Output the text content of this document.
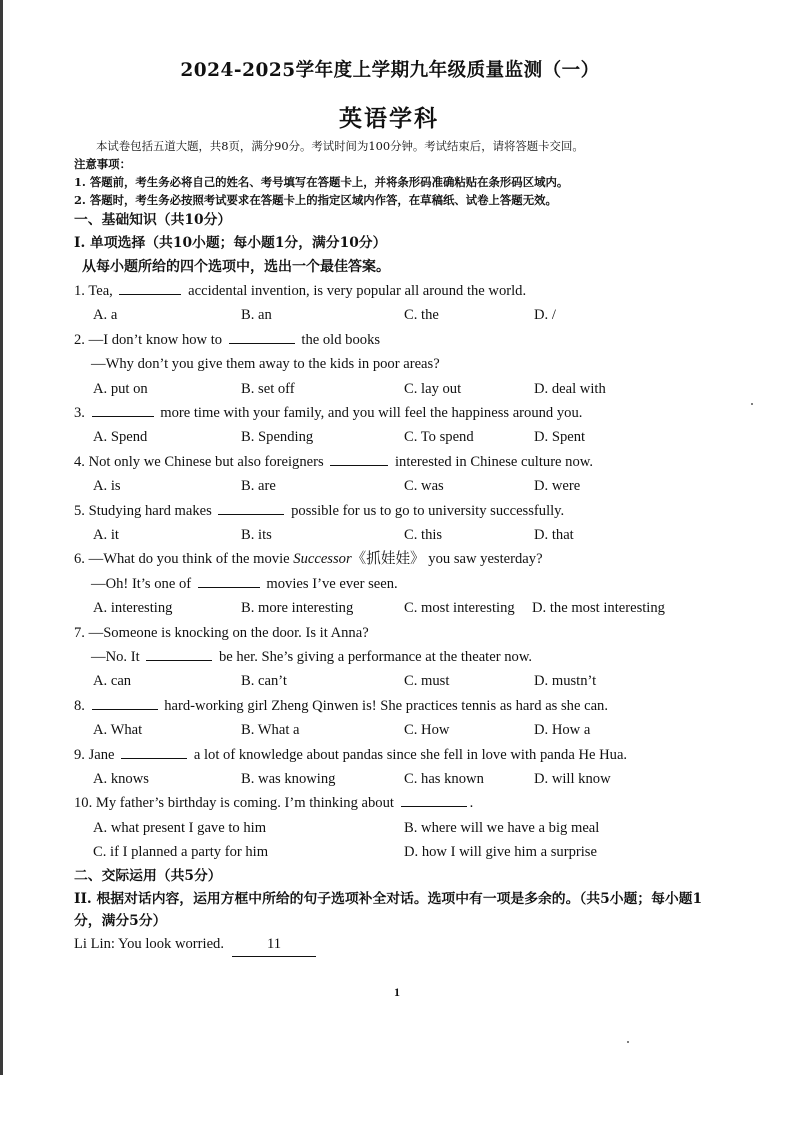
2024-2025学年度上学期九年级质量监测（一）
英语学科
本试卷包括五道大题，共8页，满分90分。考试时间为100分钟。考试结束后，请将答题卡交回。
注意事项：
1. 答题前，考生务必将自己的姓名、考号填写在答题卡上，并将条形码准确粘贴在条形码区域内。
2. 答题时，考生务必按照考试要求在答题卡上的指定区域内作答，在草稿纸、试卷上答题无效。
一、基础知识（共10分）
I. 单项选择（共10小题；每小题1分，满分10分）
从每小题所给的四个选项中，选出一个最佳答案。
1. Tea,	accidental invention, is very popular all around the world.
A. a	B. an	C. the	D. /
2. —I don’t know how to	the old books
—Why don’t you give them away to the kids in poor areas?
A. put on	B. set off	C. lay out	D. deal with
3.	more time with your family, and you will feel the happiness around you.
A. Spend	B. Spending	C. To spend	D. Spent
4. Not only we Chinese but also foreigners	interested in Chinese culture now.
A. is	B. are	C. was	D. were
5. Studying hard makes	possible for us to go to university successfully.
A. it	B. its	C. this	D. that
6. —What do you think of the movie Successor《抓娃娃》 you saw yesterday?
—Oh! It’s one of	movies I’ve ever seen.
A. interesting	B. more interesting	C. most interesting D. the most interesting
7. —Someone is knocking on the door. Is it Anna?
—No. It	be her. She’s giving a performance at the theater now.
A. can	B. can’t	C. must	D. mustn’t
8.	hard-working girl Zheng Qinwen is! She practices tennis as hard as she can.
A. What	B. What a	C. How	D. How a
9. Jane	a lot of knowledge about pandas since she fell in love with panda He Hua.
A. knows	B. was knowing	C. has known	D. will know
10. My father’s birthday is coming. I’m thinking about	.
A. what present I gave to him	B. where will we have a big meal
C. if I planned a party for him	D. how I will give him a surprise
二、交际运用（共5分）
II. 根据对话内容，运用方框中所给的句子选项补全对话。选项中有一项是多余的。（共5小题；每小题1分，满分5分）
Li Lin: You look worried.	11
1
